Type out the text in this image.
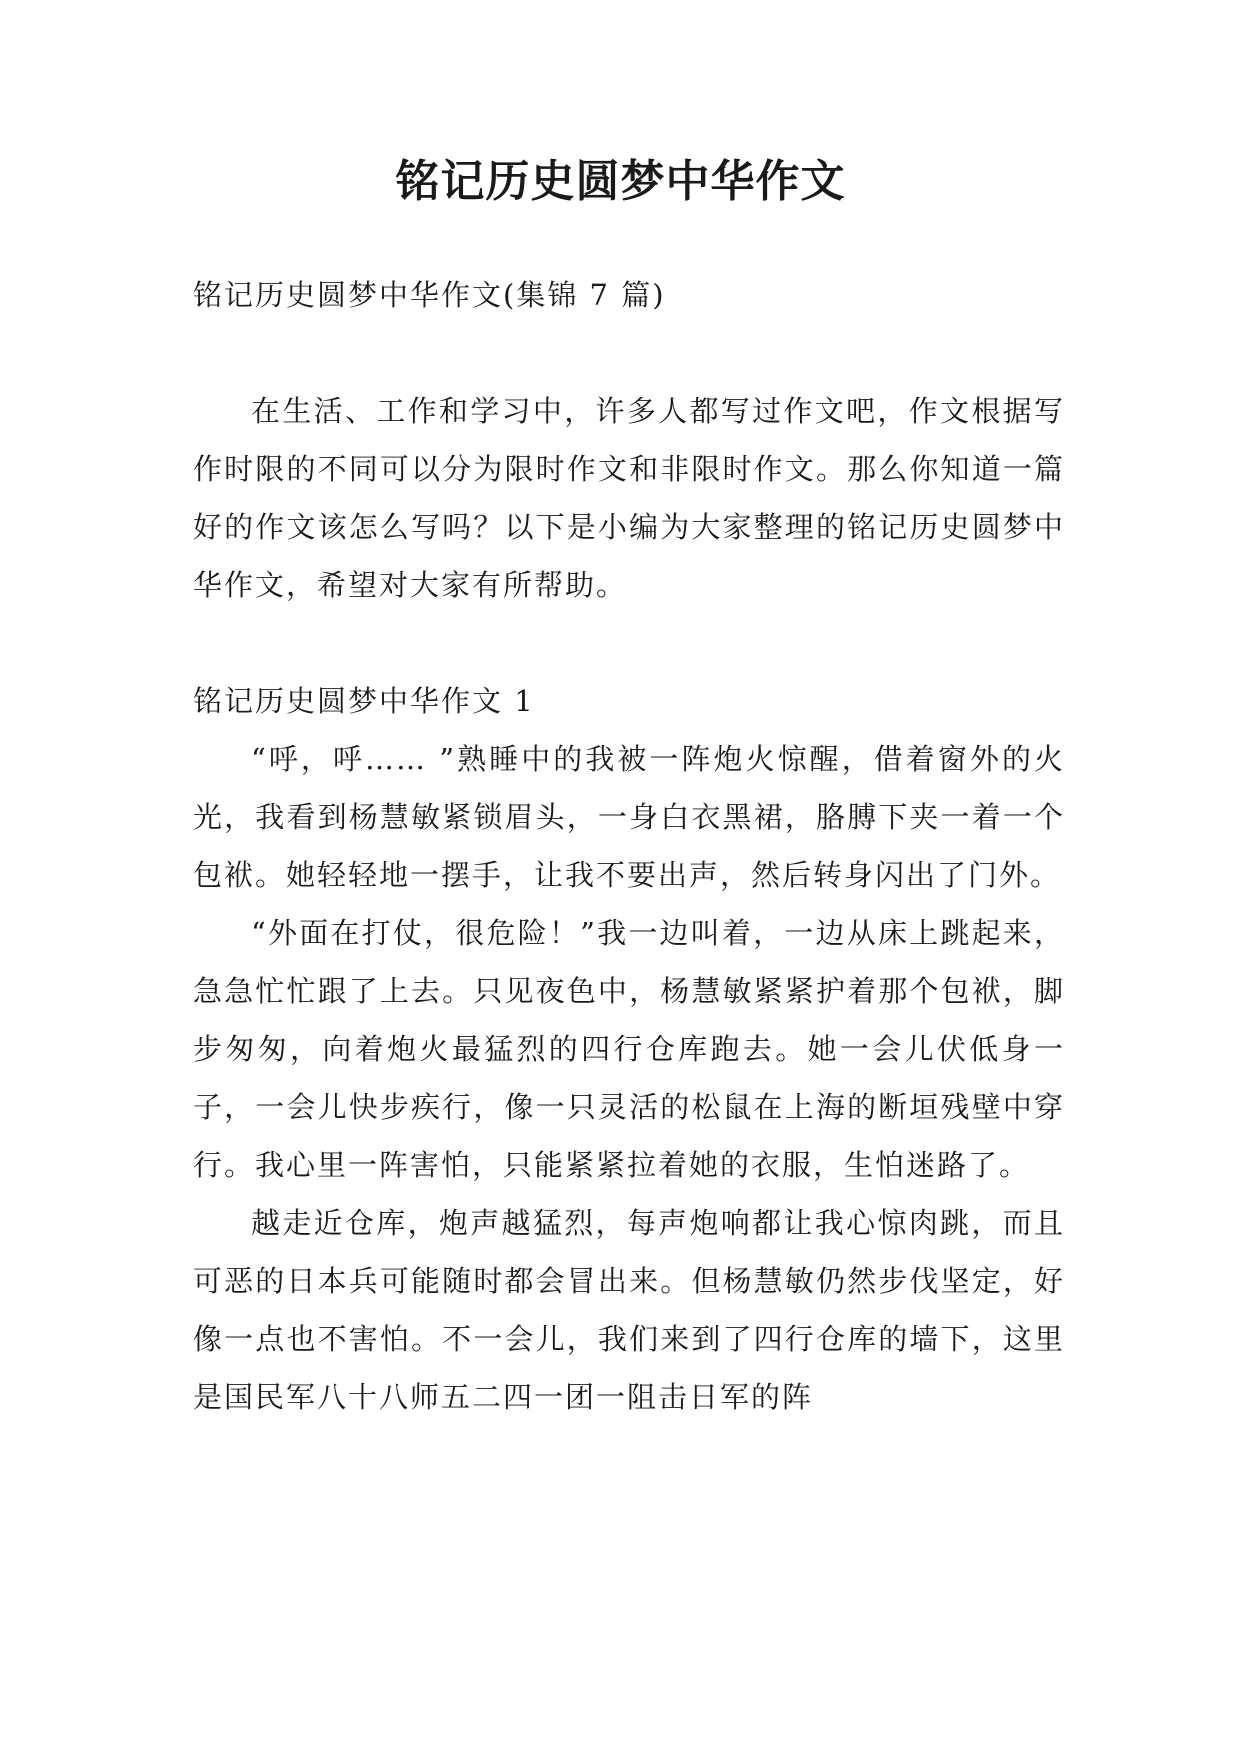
铭记历史圆梦中华作文

铭记历史圆梦中华作文(集锦 7 篇)

在生活、工作和学习中，许多人都写过作文吧，作文根据写作时限的不同可以分为限时作文和非限时作文。那么你知道一篇好的作文该怎么写吗？以下是小编为大家整理的铭记历史圆梦中华作文，希望对大家有所帮助。

铭记历史圆梦中华作文 1

“呼，呼…… ”熟睡中的我被一阵炮火惊醒，借着窗外的火光，我看到杨慧敏紧锁眉头，一身白衣黑裙，胳膊下夹一着一个包袱。她轻轻地一摆手，让我不要出声，然后转身闪出了门外。

“外面在打仗，很危险！”我一边叫着，一边从床上跳起来，急急忙忙跟了上去。只见夜色中，杨慧敏紧紧护着那个包袱，脚步匆匆，向着炮火最猛烈的四行仓库跑去。她一会儿伏低身一子，一会儿快步疾行，像一只灵活的松鼠在上海的断垣残壁中穿行。我心里一阵害怕，只能紧紧拉着她的衣服，生怕迷路了。

越走近仓库，炮声越猛烈，每声炮响都让我心惊肉跳，而且可恶的日本兵可能随时都会冒出来。但杨慧敏仍然步伐坚定，好像一点也不害怕。不一会儿，我们来到了四行仓库的墙下，这里是国民军八十八师五二四一团一阻击日军的阵
